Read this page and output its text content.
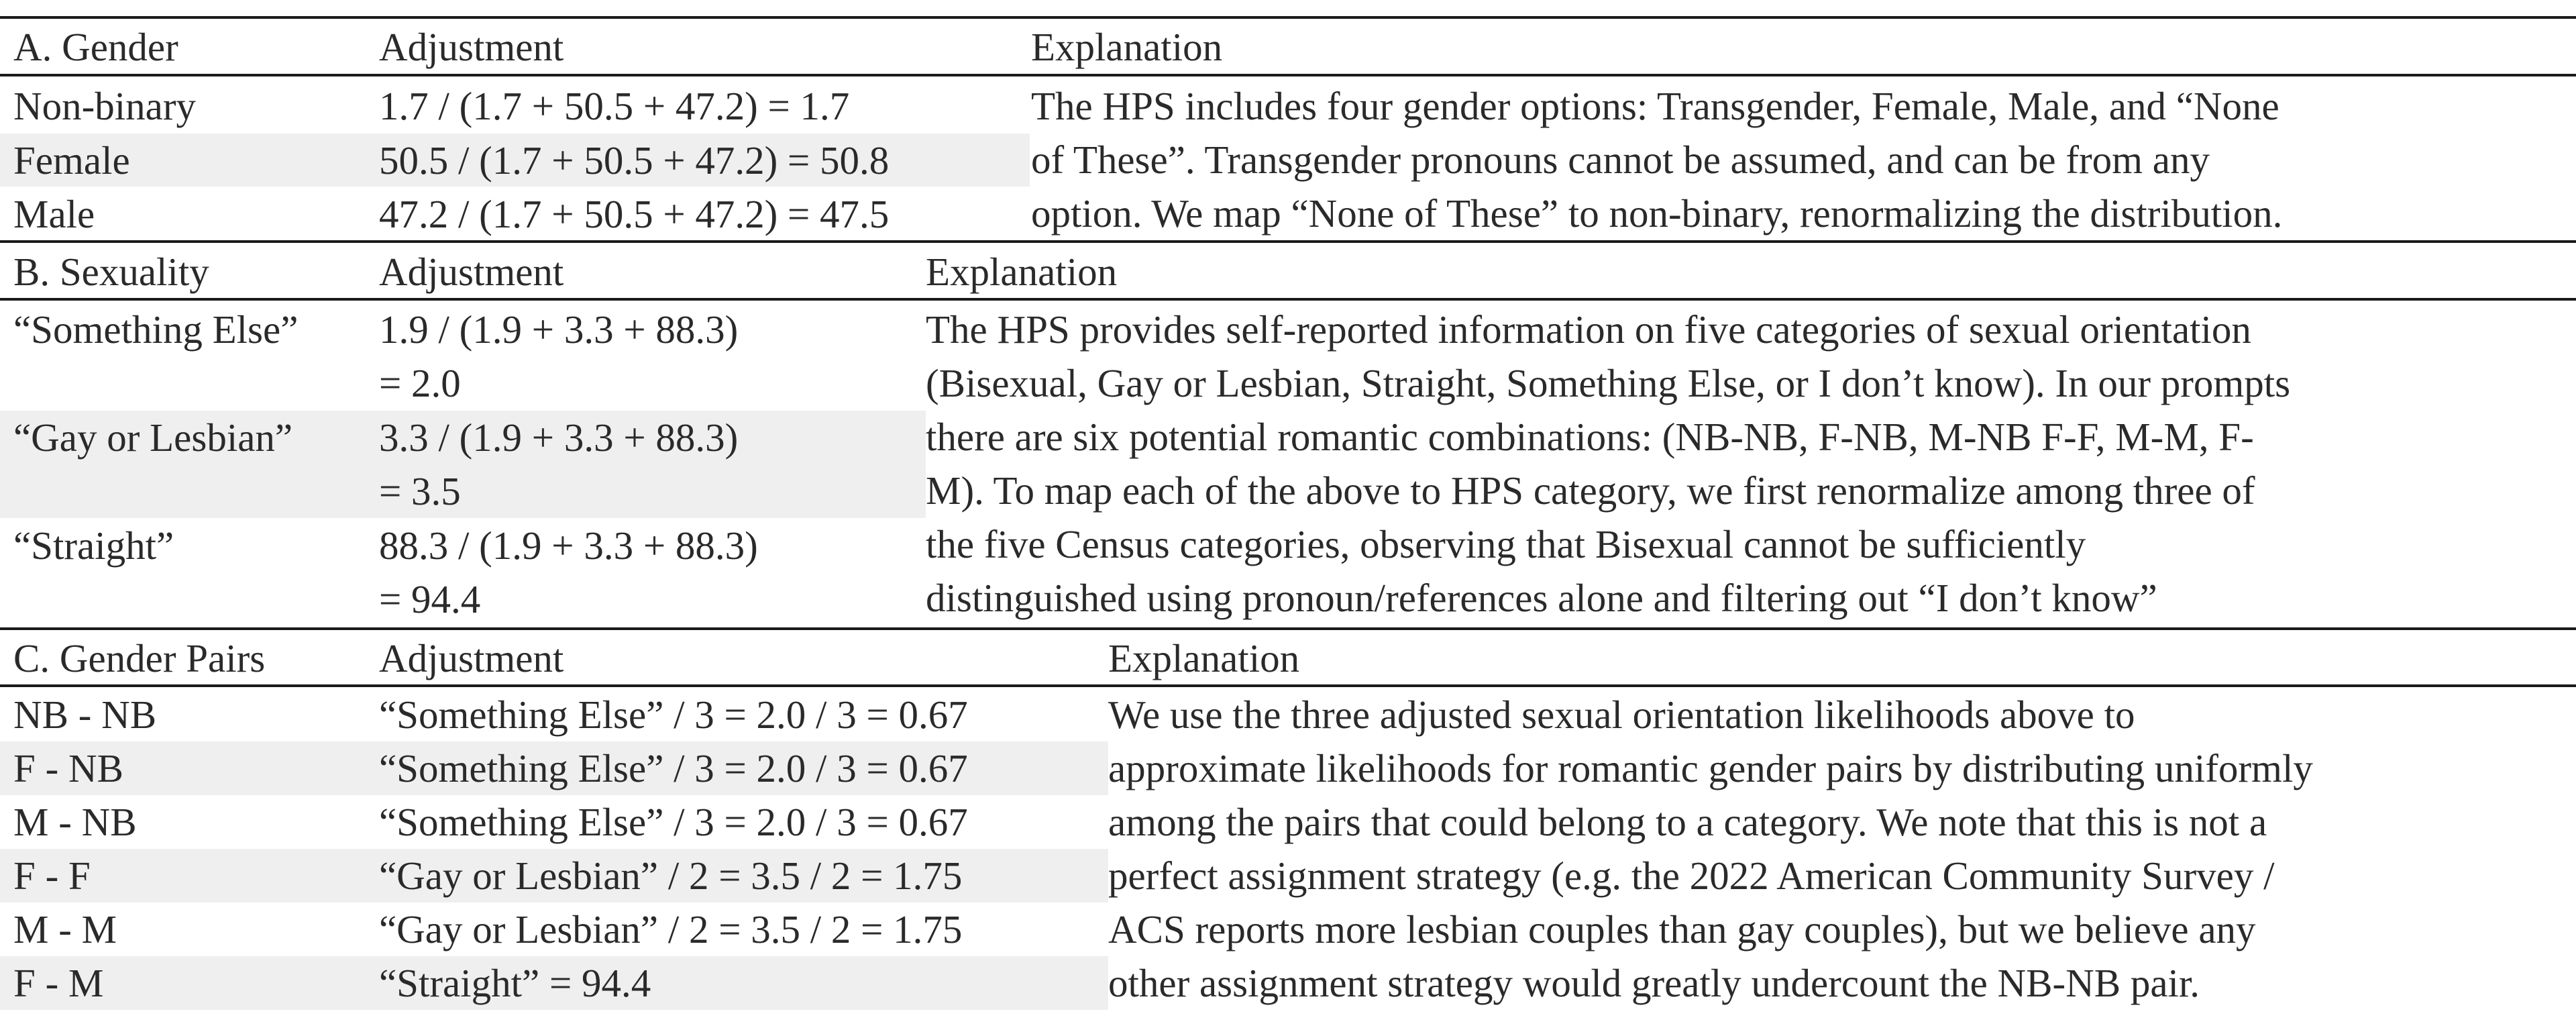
A. Gender	Adjustment	Explanation
Non-binary	1.7 / (1.7 + 50.5 + 47.2) = 1.7
Female	50.5 / (1.7 + 50.5 + 47.2) = 50.8
Male	47.2 / (1.7 + 50.5 + 47.2) = 47.5
The HPS includes four gender options: Transgender, Female, Male, and “None
of These”. Transgender pronouns cannot be assumed, and can be from any
option. We map “None of These” to non-binary, renormalizing the distribution.
B. Sexuality	Adjustment	Explanation
“Something Else” 1.9 / (1.9 + 3.3 + 88.3)
= 2.0
“Gay or Lesbian” 3.3 / (1.9 + 3.3 + 88.3)
= 3.5
“Straight”	88.3 / (1.9 + 3.3 + 88.3)
= 94.4
The HPS provides self-reported information on five categories of sexual orientation
(Bisexual, Gay or Lesbian, Straight, Something Else, or I don’t know). In our prompts
there are six potential romantic combinations: (NB-NB, F-NB, M-NB F-F, M-M, F-
M). To map each of the above to HPS category, we first renormalize among three of
the five Census categories, observing that Bisexual cannot be sufficiently
distinguished using pronoun/references alone and filtering out “I don’t know”
C. Gender Pairs	Adjustment	Explanation
NB - NB	“Something Else” / 3 = 2.0 / 3 = 0.67
F - NB	“Something Else” / 3 = 2.0 / 3 = 0.67
M - NB	“Something Else” / 3 = 2.0 / 3 = 0.67
F - F	“Gay or Lesbian” / 2 = 3.5 / 2 = 1.75
M - M	“Gay or Lesbian” / 2 = 3.5 / 2 = 1.75
F - M	“Straight” = 94.4
We use the three adjusted sexual orientation likelihoods above to
approximate likelihoods for romantic gender pairs by distributing uniformly
among the pairs that could belong to a category. We note that this is not a
perfect assignment strategy (e.g. the 2022 American Community Survey /
ACS reports more lesbian couples than gay couples), but we believe any
other assignment strategy would greatly undercount the NB-NB pair.
